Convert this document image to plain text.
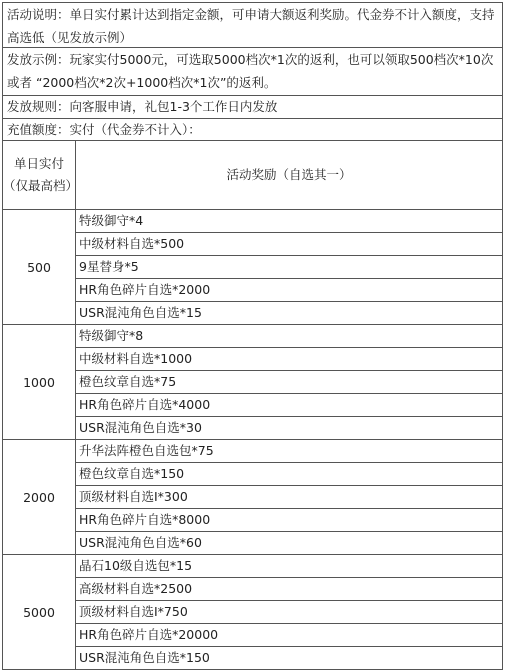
活动说明：单日实付累计达到指定金额，可申请大额返利奖励。代金券不计入额度，支持高选低（见发放示例）
发放示例：玩家实付5000元，可选取5000档次*1次的返利，也可以领取500档次*10次 或者 “2000档次*2次+1000档次*1次”的返利。
发放规则：向客服申请，礼包1-3个工作日内发放
充值额度：实付（代金券不计入）：
单日实付（仅最高档）	活动奖励（自选其一）
500	特级御守*4
	中级材料自选*500
	9星替身*5
	HR角色碎片自选*2000
	USR混沌角色自选*15
1000	特级御守*8
	中级材料自选*1000
	橙色纹章自选*75
	HR角色碎片自选*4000
	USR混沌角色自选*30
2000	升华法阵橙色自选包*75
	橙色纹章自选*150
	顶级材料自选Ⅰ*300
	HR角色碎片自选*8000
	USR混沌角色自选*60
5000	晶石10级自选包*15
	高级材料自选*2500
	顶级材料自选Ⅰ*750
	HR角色碎片自选*20000
	USR混沌角色自选*150
